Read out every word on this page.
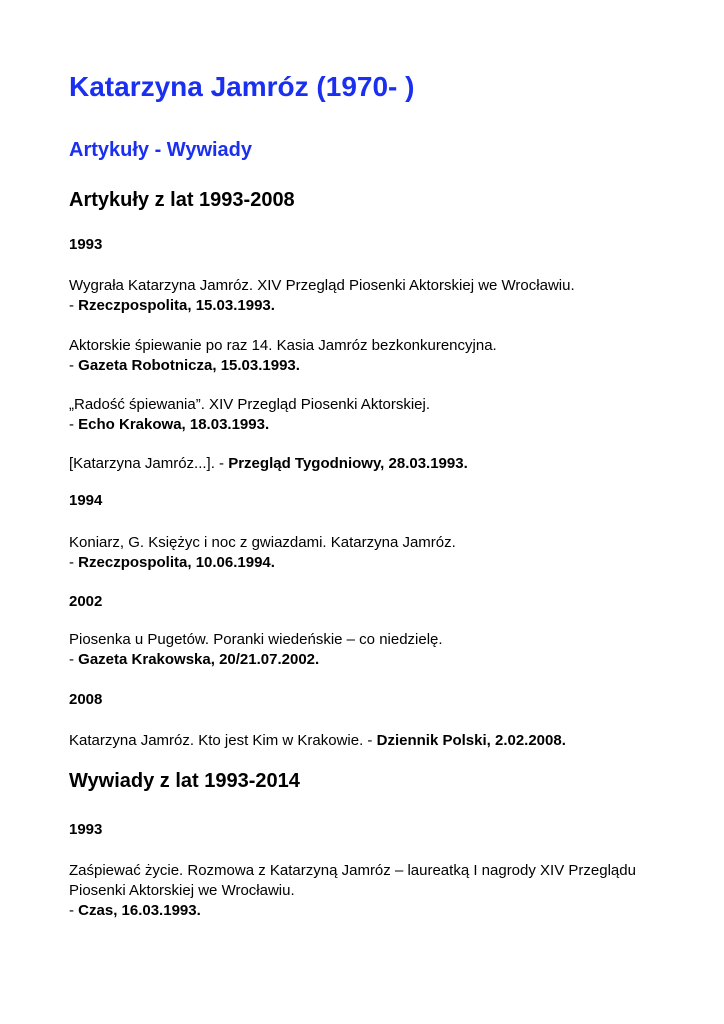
Katarzyna Jamróz (1970- )
Artykuły - Wywiady
Artykuły z lat 1993-2008
1993

Wygrała Katarzyna Jamróz. XIV Przegląd Piosenki Aktorskiej we Wrocławiu.
- Rzeczpospolita, 15.03.1993.

Aktorskie śpiewanie po raz 14. Kasia Jamróz bezkonkurencyjna.
- Gazeta Robotnicza, 15.03.1993.

„Radość śpiewania”. XIV Przegląd Piosenki Aktorskiej.
- Echo Krakowa, 18.03.1993.

[Katarzyna Jamróz...]. - Przegląd Tygodniowy, 28.03.1993.

1994

Koniarz, G. Księżyc i noc z gwiazdami. Katarzyna Jamróz.
- Rzeczpospolita, 10.06.1994.

2002

Piosenka u Pugetów. Poranki wiedeńskie – co niedzielę.
- Gazeta Krakowska, 20/21.07.2002.

2008

Katarzyna Jamróz. Kto jest Kim w Krakowie. - Dziennik Polski, 2.02.2008.

Wywiady z lat 1993-2014
1993

Zaśpiewać życie. Rozmowa z Katarzyną Jamróz – laureatką I nagrody XIV Przeglądu Piosenki Aktorskiej we Wrocławiu.
- Czas, 16.03.1993.
